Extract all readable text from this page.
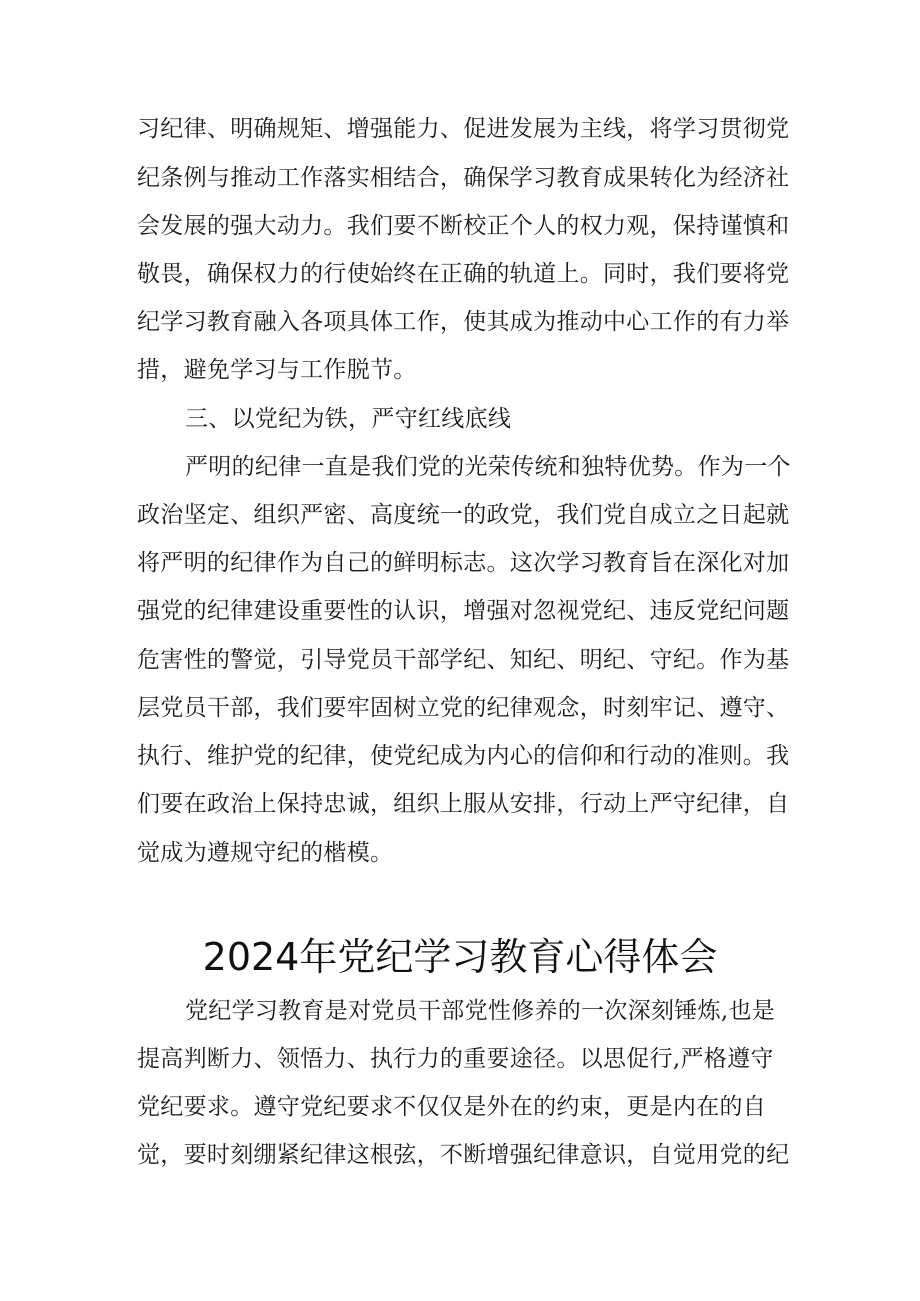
习纪律、明确规矩、增强能力、促进发展为主线，将学习贯彻党
纪条例与推动工作落实相结合，确保学习教育成果转化为经济社
会发展的强大动力。我们要不断校正个人的权力观，保持谨慎和
敬畏，确保权力的行使始终在正确的轨道上。同时，我们要将党
纪学习教育融入各项具体工作，使其成为推动中心工作的有力举
措，避免学习与工作脱节。
三、以党纪为铁，严守红线底线
严明的纪律一直是我们党的光荣传统和独特优势。作为一个
政治坚定、组织严密、高度统一的政党，我们党自成立之日起就
将严明的纪律作为自己的鲜明标志。这次学习教育旨在深化对加
强党的纪律建设重要性的认识，增强对忽视党纪、违反党纪问题
危害性的警觉，引导党员干部学纪、知纪、明纪、守纪。作为基
层党员干部，我们要牢固树立党的纪律观念，时刻牢记、遵守、
执行、维护党的纪律，使党纪成为内心的信仰和行动的准则。我
们要在政治上保持忠诚，组织上服从安排，行动上严守纪律，自
觉成为遵规守纪的楷模。
2024年党纪学习教育心得体会
党纪学习教育是对党员干部党性修养的一次深刻锤炼,也是
提高判断力、领悟力、执行力的重要途径。以思促行,严格遵守
党纪要求。遵守党纪要求不仅仅是外在的约束，更是内在的自
觉，要时刻绷紧纪律这根弦，不断增强纪律意识，自觉用党的纪
